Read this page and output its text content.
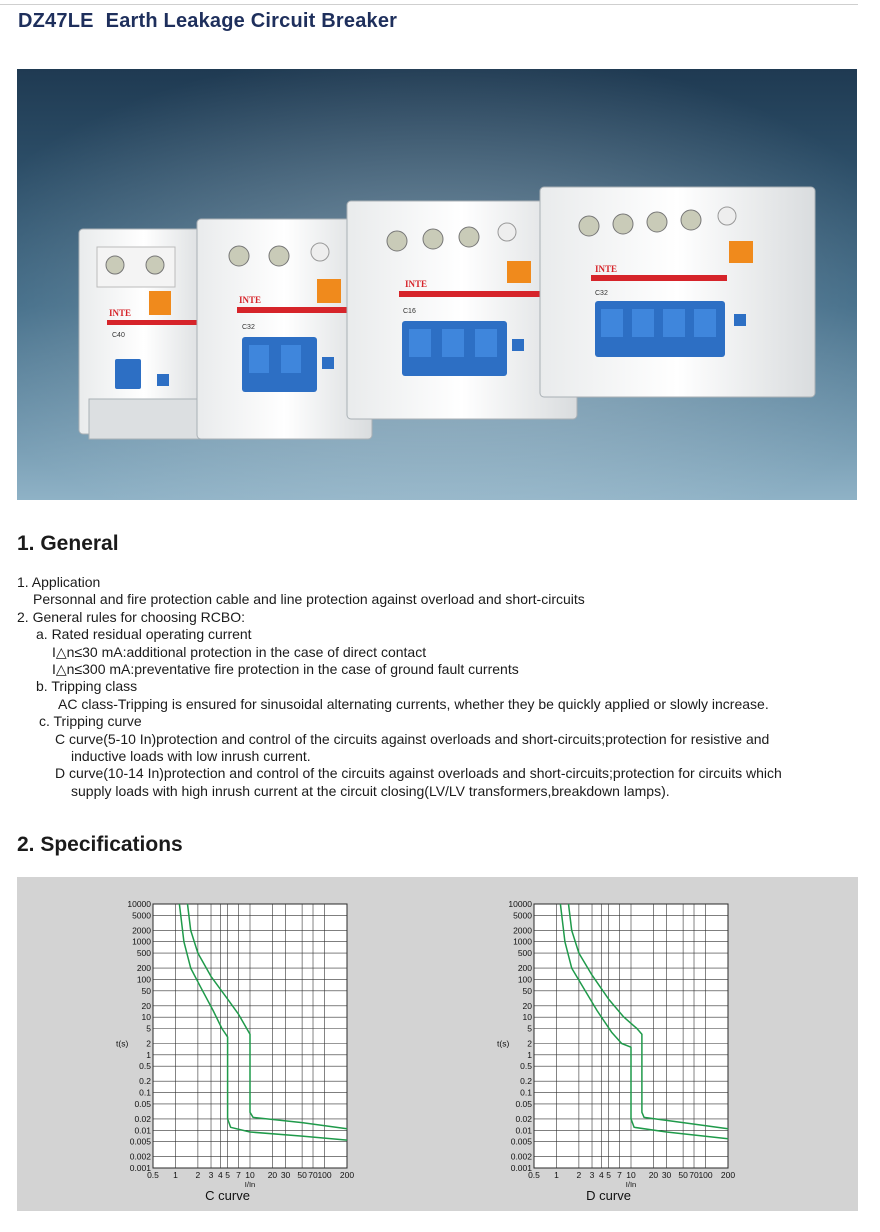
DZ47LE Earth Leakage Circuit Breaker
INTE
C40
INTE
C32
INTE
C16
INTE
C32
1. General
1. Application
Personnal and fire protection cable and line protection against overload and short-circuits
2. General rules for choosing RCBO:
a. Rated residual operating current
I△n≤30 mA:additional protection in the case of direct contact
I△n≤300 mA:preventative fire protection in the case of ground fault currents
b. Tripping class
AC class-Tripping is ensured for sinusoidal alternating currents, whether they be quickly applied or slowly increase.
c. Tripping curve
C curve(5-10 In)protection and control of the circuits against overloads and short-circuits;protection for resistive and
inductive loads with low inrush current.
D curve(10-14 In)protection and control of the circuits against overloads and short-circuits;protection for circuits which
supply loads with high inrush current at the circuit closing(LV/LV transformers,breakdown lamps).
2. Specifications
10000
5000
2000
1000
500
200
100
50
20
10
5
2
1
0.5
0.2
0.1
0.05
0.02
0.01
0.005
0.002
0.001
0.5 1 2 3 4 5 7 10 20 30 50 70 100 200
t(s)
I/In
C curve
10000
5000
2000
1000
500
200
100
50
20
10
5
2
1
0.5
0.2
0.1
0.05
0.02
0.01
0.005
0.002
0.001
0.5 1 2 3 4 5 7 10 20 30 50 70 100 200
t(s)
I/In
D curve
